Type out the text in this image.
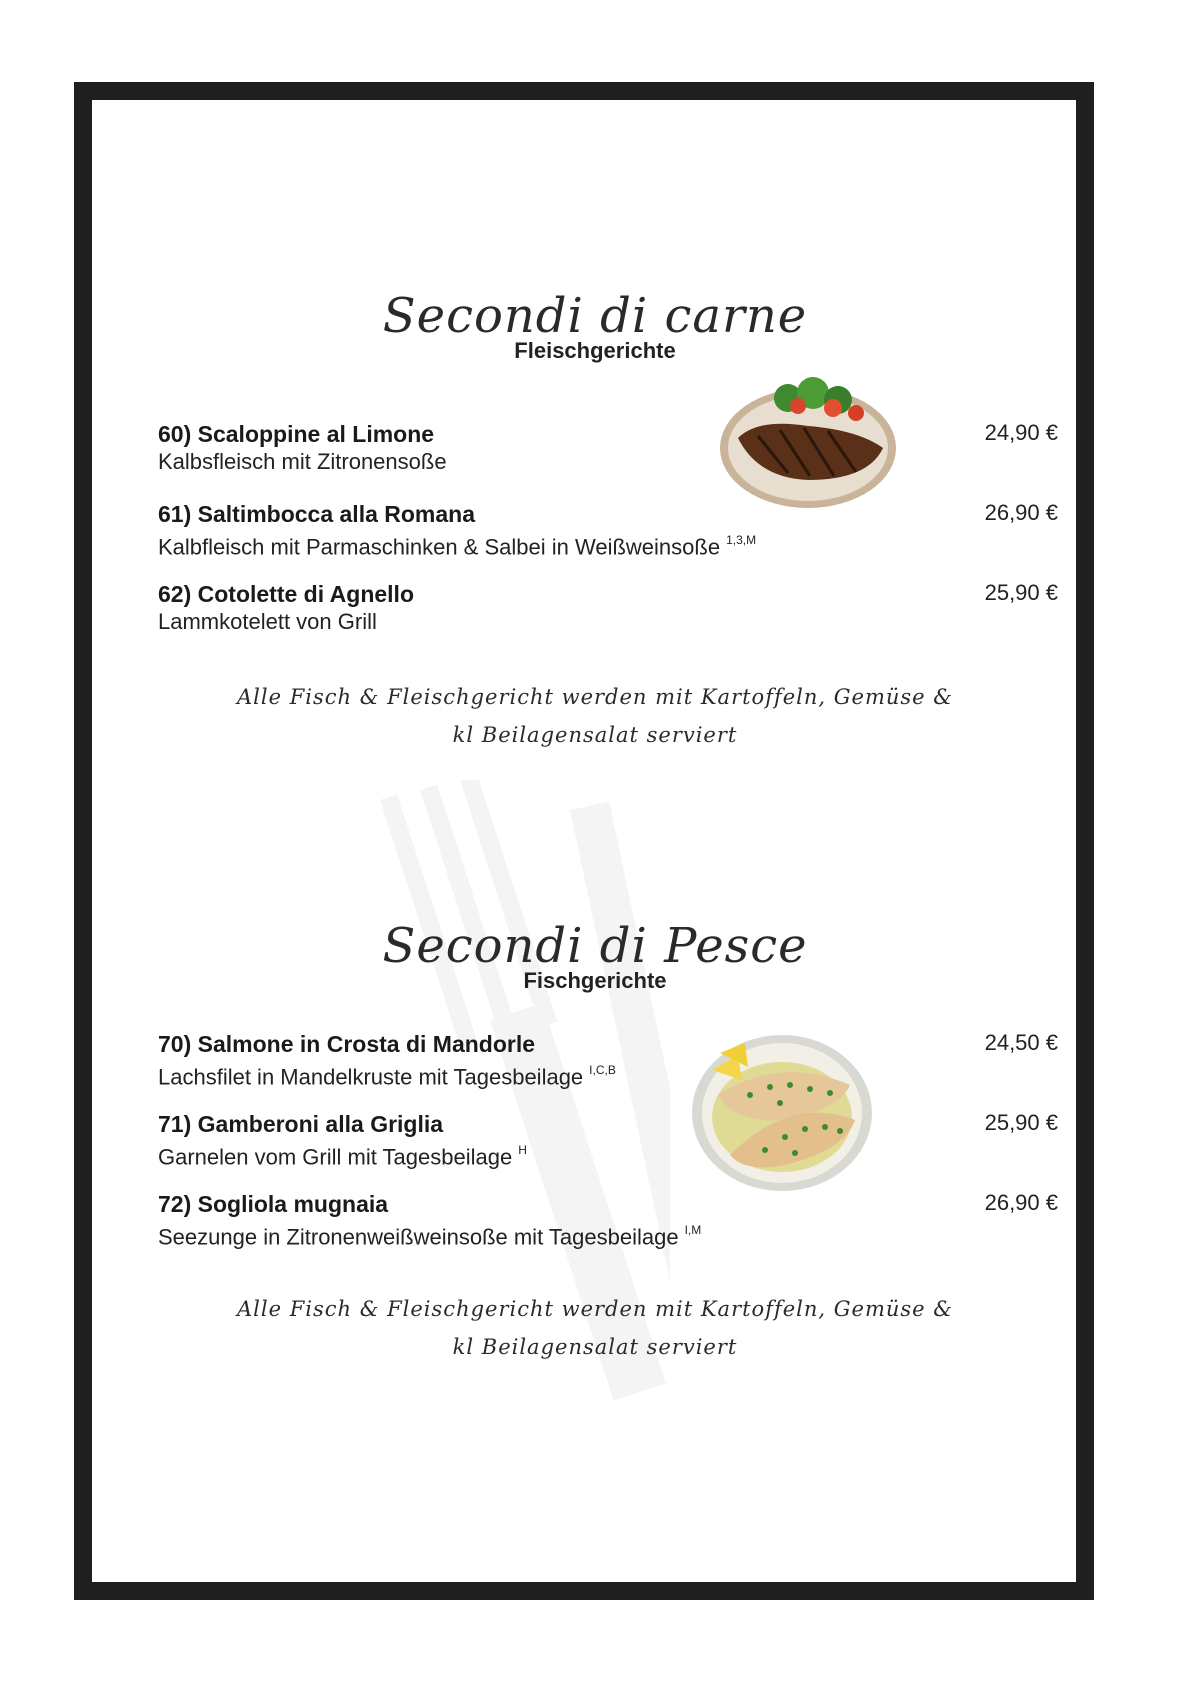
Secondi di carne
Fleischgerichte
60) Scaloppine al Limone
Kalbsfleisch mit Zitronensoße
24,90 €
61) Saltimbocca alla Romana
Kalbfleisch mit Parmaschinken & Salbei in Weißweinsoße $^{1,3,M}$
26,90 €
62) Cotolette di Agnello
Lammkotelett von Grill
25,90 €
Alle Fisch & Fleischgericht werden mit Kartoffeln, Gemüse &
kl Beilagensalat serviert
Secondi di Pesce
Fischgerichte
70) Salmone in Crosta di Mandorle
Lachsfilet in Mandelkruste mit Tagesbeilage $^{I,C,B}$
24,50 €
71) Gamberoni alla Griglia
Garnelen vom Grill mit Tagesbeilage $^H$
25,90 €
72) Sogliola mugnaia
Seezunge in Zitronenweißweinsoße mit Tagesbeilage $^{I,M}$
26,90 €
Alle Fisch & Fleischgericht werden mit Kartoffeln, Gemüse &
kl Beilagensalat serviert
